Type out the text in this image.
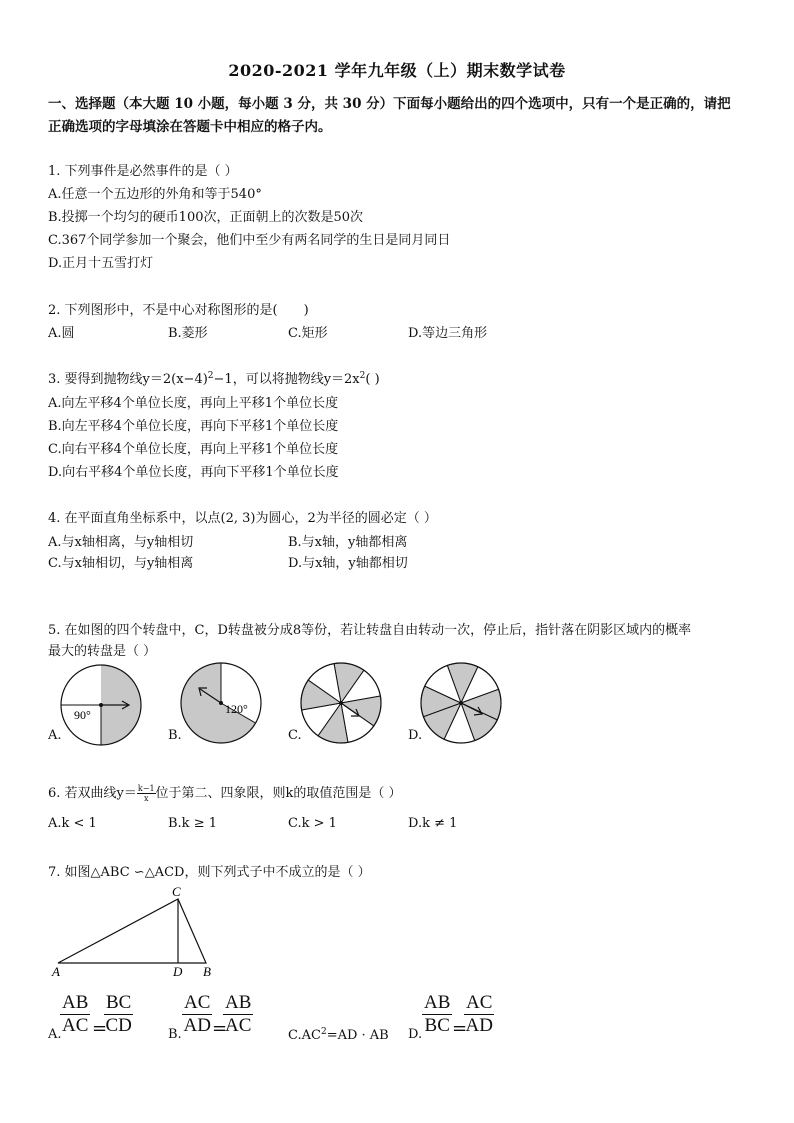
2020-2021 学年九年级（上）期末数学试卷
一、选择题（本大题 10 小题，每小题 3 分，共 30 分）下面每小题给出的四个选项中，只有一个是正确的，请把
正确选项的字母填涂在答题卡中相应的格子内。
1. 下列事件是必然事件的是（ ）
A.任意一个五边形的外角和等于540°
B.投掷一个均匀的硬币100次，正面朝上的次数是50次
C.367个同学参加一个聚会，他们中至少有两名同学的生日是同月同日
D.正月十五雪打灯
2. 下列图形中，不是中心对称图形的是(　　)
A.圆	B.菱形	C.矩形	D.等边三角形
3. 要得到抛物线$y=2(x-4)^2-1$，可以将抛物线$y=2x^2$( )
A.向左平移4个单位长度，再向上平移1个单位长度
B.向左平移4个单位长度，再向下平移1个单位长度
C.向右平移4个单位长度，再向上平移1个单位长度
D.向右平移4个单位长度，再向下平移1个单位长度
4. 在平面直角坐标系中，以点(2, 3)为圆心，2为半径的圆必定（ ）
A.与x轴相离，与y轴相切	B.与x轴，y轴都相离
C.与x轴相切，与y轴相离	D.与x轴，y轴都相切
5. 在如图的四个转盘中，C，D转盘被分成8等份，若让转盘自由转动一次，停止后，指针落在阴影区域内的概率
最大的转盘是（ ）
90°
A.
120°
B.	C.	D.
6. 若双曲线$y= \frac{k-1}{x}$ 位于第二、四象限，则k的取值范围是（ ）
A.k < 1	B.k ≥ 1	C.k > 1	D.k ≠ 1
7. 如图△ABC ∽△ACD，则下列式子中不成立的是（ ）
A
C
D B
A.
$\frac{AB}{AC}$ =
$\frac{BC}{CD}$	B. $\frac{AC}{AD}$ =
$\frac{AB}{AC}$	$C.AC^2=AD$ · AB D. $\frac{AB}{BC}$ =
$\frac{AC}{AD}$
